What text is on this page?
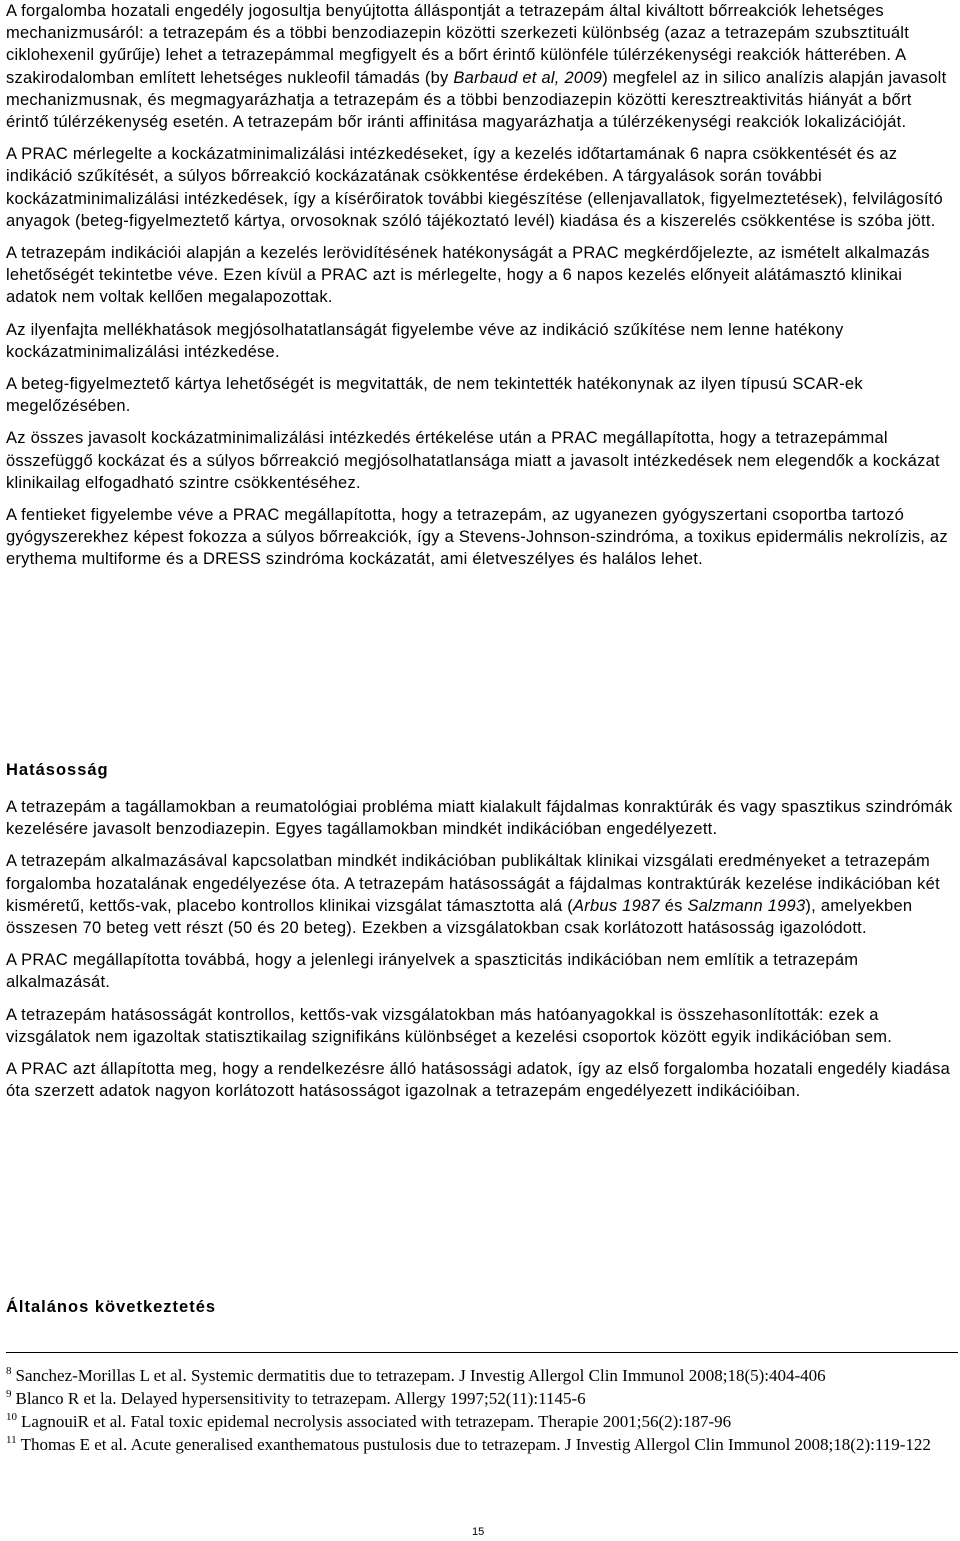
A forgalomba hozatali engedély jogosultja benyújtotta álláspontját a tetrazepám által kiváltott bőrreakciók lehetséges mechanizmusáról: a tetrazepám és a többi benzodiazepin közötti szerkezeti különbség (azaz a tetrazepám szubsztituált ciklohexenil gyűrűje) lehet a tetrazepámmal megfigyelt és a bőrt érintő különféle túlérzékenységi reakciók hátterében. A szakirodalomban említett lehetséges nukleofil támadás (by Barbaud et al, 2009) megfelel az in silico analízis alapján javasolt mechanizmusnak, és megmagyarázhatja a tetrazepám és a többi benzodiazepin közötti keresztreaktivitás hiányát a bőrt érintő túlérzékenység esetén. A tetrazepám bőr iránti affinitása magyarázhatja a túlérzékenységi reakciók lokalizációját.

A PRAC mérlegelte a kockázatminimalizálási intézkedéseket, így a kezelés időtartamának 6 napra csökkentését és az indikáció szűkítését, a súlyos bőrreakció kockázatának csökkentése érdekében. A tárgyalások során további kockázatminimalizálási intézkedések, így a kísérőiratok további kiegészítése (ellenjavallatok, figyelmeztetések), felvilágosító anyagok (beteg-figyelmeztető kártya, orvosoknak szóló tájékoztató levél) kiadása és a kiszerelés csökkentése is szóba jött.

A tetrazepám indikációi alapján a kezelés lerövidítésének hatékonyságát a PRAC megkérdőjelezte, az ismételt alkalmazás lehetőségét tekintetbe véve. Ezen kívül a PRAC azt is mérlegelte, hogy a 6 napos kezelés előnyeit alátámasztó klinikai adatok nem voltak kellően megalapozottak.

Az ilyenfajta mellékhatások megjósolhatatlanságát figyelembe véve az indikáció szűkítése nem lenne hatékony kockázatminimalizálási intézkedése.

A beteg-figyelmeztető kártya lehetőségét is megvitatták, de nem tekintették hatékonynak az ilyen típusú SCAR-ek megelőzésében.

Az összes javasolt kockázatminimalizálási intézkedés értékelése után a PRAC megállapította, hogy a tetrazepámmal összefüggő kockázat és a súlyos bőrreakció megjósolhatatlansága miatt a javasolt intézkedések nem elegendők a kockázat klinikailag elfogadható szintre csökkentéséhez.

A fentieket figyelembe véve a PRAC megállapította, hogy a tetrazepám, az ugyanezen gyógyszertani csoportba tartozó gyógyszerekhez képest fokozza a súlyos bőrreakciók, így a Stevens-Johnson-szindróma, a toxikus epidermális nekrolízis, az erythema multiforme és a DRESS szindróma kockázatát, ami életveszélyes és halálos lehet.

Hatásosság

A tetrazepám a tagállamokban a reumatológiai probléma miatt kialakult fájdalmas konraktúrák és vagy spasztikus szindrómák kezelésére javasolt benzodiazepin. Egyes tagállamokban mindkét indikációban engedélyezett.

A tetrazepám alkalmazásával kapcsolatban mindkét indikációban publikáltak klinikai vizsgálati eredményeket a tetrazepám forgalomba hozatalának engedélyezése óta. A tetrazepám hatásosságát a fájdalmas kontraktúrák kezelése indikációban két kisméretű, kettős-vak, placebo kontrollos klinikai vizsgálat támasztotta alá (Arbus 1987 és Salzmann 1993), amelyekben összesen 70 beteg vett részt (50 és 20 beteg). Ezekben a vizsgálatokban csak korlátozott hatásosság igazolódott.

A PRAC megállapította továbbá, hogy a jelenlegi irányelvek a spaszticitás indikációban nem említik a tetrazepám alkalmazását.

A tetrazepám hatásosságát kontrollos, kettős-vak vizsgálatokban más hatóanyagokkal is összehasonlították: ezek a vizsgálatok nem igazoltak statisztikailag szignifikáns különbséget a kezelési csoportok között egyik indikációban sem.

A PRAC azt állapította meg, hogy a rendelkezésre álló hatásossági adatok, így az első forgalomba hozatali engedély kiadása óta szerzett adatok nagyon korlátozott hatásosságot igazolnak a tetrazepám engedélyezett indikációiban.

Általános következtetés

$^8$ Sanchez-Morillas L et al. Systemic dermatitis due to tetrazepam. J Investig Allergol Clin Immunol 2008;18(5):404-406

$^9$ Blanco R et la. Delayed hypersensitivity to tetrazepam. Allergy 1997;52(11):1145-6

$^{10}$ LagnouiR et al. Fatal toxic epidemal necrolysis associated with tetrazepam. Therapie 2001;56(2):187-96

$^{11}$ Thomas E et al. Acute generalised exanthematous pustulosis due to tetrazepam. J Investig Allergol Clin Immunol 2008;18(2):119-122

15
